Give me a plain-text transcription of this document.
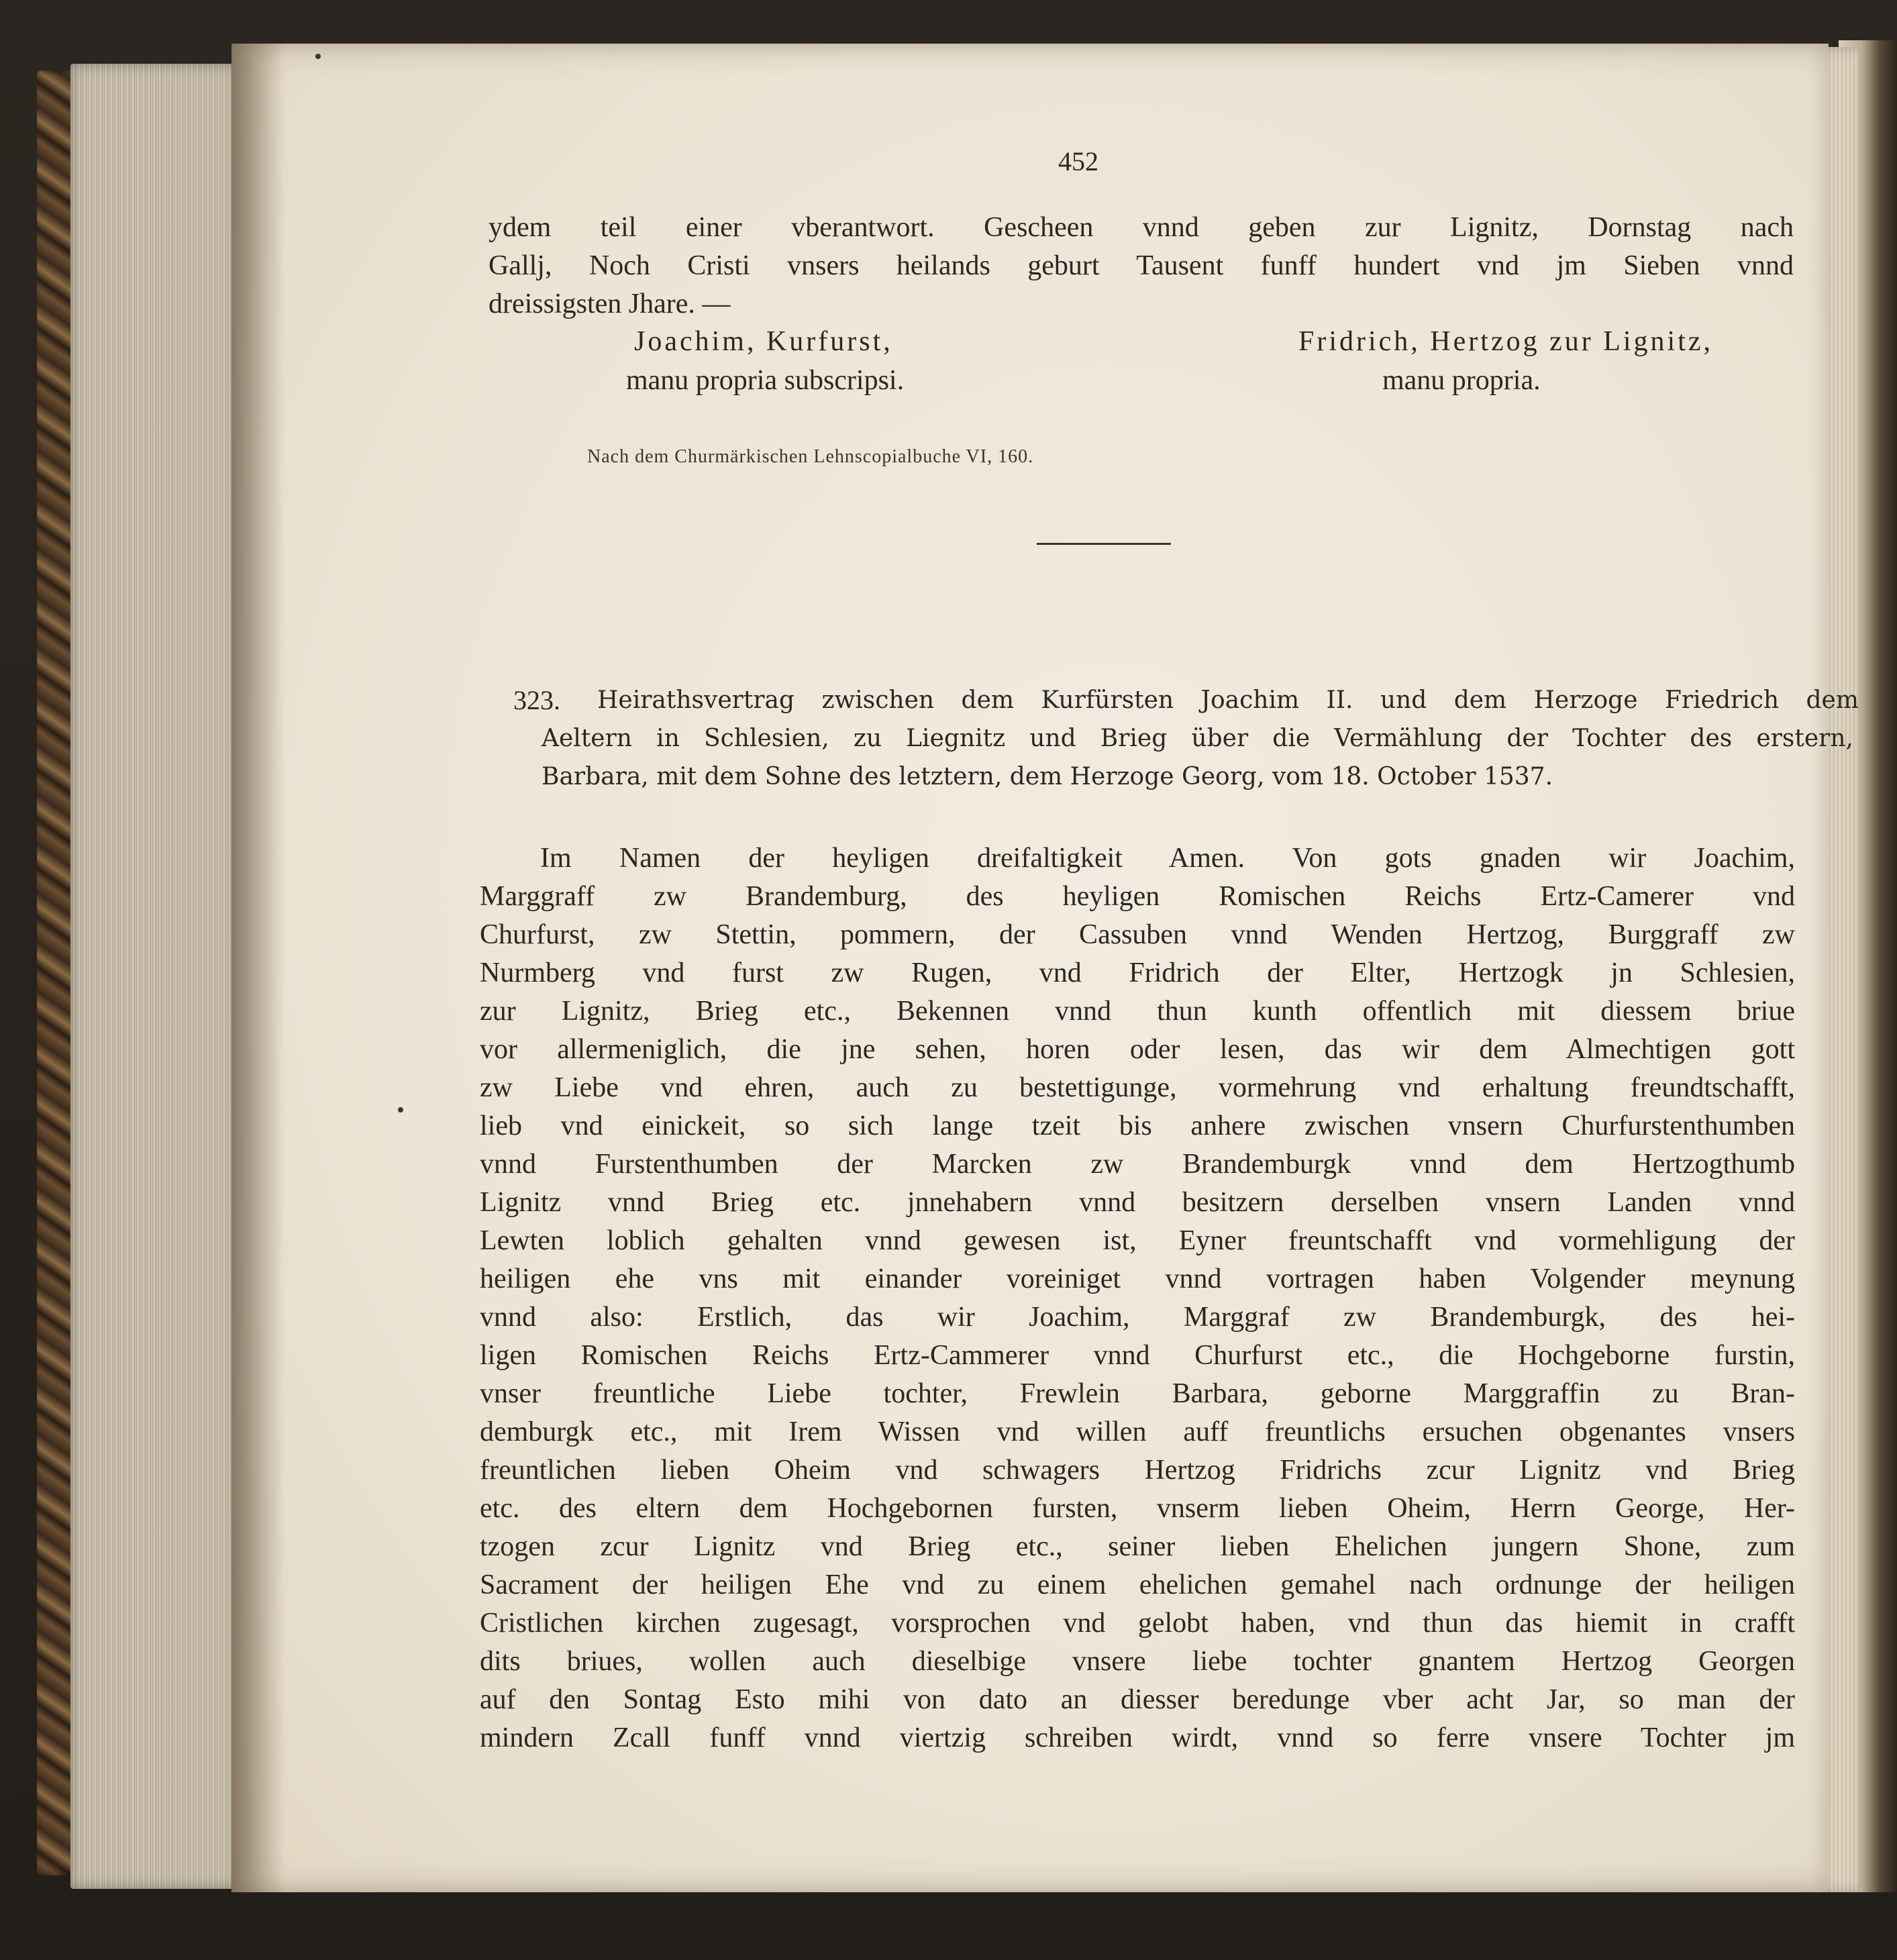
452
ydem teil einer vberantwort. Gescheen vnnd geben zur Lignitz, Dornstag nach
Gallj, Noch Cristi vnsers heilands geburt Tausent funff hundert vnd jm Sieben vnnd
dreissigsten Jhare. —
Joachim, Kurfurst,
manu propria subscripsi.
Fridrich, Hertzog zur Lignitz,
manu propria.
Nach dem Churmärkischen Lehnscopialbuche VI, 160.
323. Heirathsvertrag zwischen dem Kurfürsten Joachim II. und dem Herzoge Friedrich dem
Aeltern in Schlesien, zu Liegnitz und Brieg über die Vermählung der Tochter des erstern,
Barbara, mit dem Sohne des letztern, dem Herzoge Georg, vom 18. October 1537.
Im Namen der heyligen dreifaltigkeit Amen. Von gots gnaden wir Joachim,
Marggraff zw Brandemburg, des heyligen Romischen Reichs Ertz-Camerer vnd
Churfurst, zw Stettin, pommern, der Cassuben vnnd Wenden Hertzog, Burggraff zw
Nurmberg vnd furst zw Rugen, vnd Fridrich der Elter, Hertzogk jn Schlesien,
zur Lignitz, Brieg etc., Bekennen vnnd thun kunth offentlich mit diessem briue
vor allermeniglich, die jne sehen, horen oder lesen, das wir dem Almechtigen gott
zw Liebe vnd ehren, auch zu bestettigunge, vormehrung vnd erhaltung freundtschafft,
lieb vnd einickeit, so sich lange tzeit bis anhere zwischen vnsern Churfurstenthumben
vnnd Furstenthumben der Marcken zw Brandemburgk vnnd dem Hertzogthumb
Lignitz vnnd Brieg etc. jnnehabern vnnd besitzern derselben vnsern Landen vnnd
Lewten loblich gehalten vnnd gewesen ist, Eyner freuntschafft vnd vormehligung der
heiligen ehe vns mit einander voreiniget vnnd vortragen haben Volgender meynung
vnnd also: Erstlich, das wir Joachim, Marggraf zw Brandemburgk, des hei-
ligen Romischen Reichs Ertz-Cammerer vnnd Churfurst etc., die Hochgeborne furstin,
vnser freuntliche Liebe tochter, Frewlein Barbara, geborne Marggraffin zu Bran-
demburgk etc., mit Irem Wissen vnd willen auff freuntlichs ersuchen obgenantes vnsers
freuntlichen lieben Oheim vnd schwagers Hertzog Fridrichs zcur Lignitz vnd Brieg
etc. des eltern dem Hochgebornen fursten, vnserm lieben Oheim, Herrn George, Her-
tzogen zcur Lignitz vnd Brieg etc., seiner lieben Ehelichen jungern Shone, zum
Sacrament der heiligen Ehe vnd zu einem ehelichen gemahel nach ordnunge der heiligen
Cristlichen kirchen zugesagt, vorsprochen vnd gelobt haben, vnd thun das hiemit in crafft
dits briues, wollen auch dieselbige vnsere liebe tochter gnantem Hertzog Georgen
auf den Sontag Esto mihi von dato an diesser beredunge vber acht Jar, so man der
mindern Zcall funff vnnd viertzig schreiben wirdt, vnnd so ferre vnsere Tochter jm
